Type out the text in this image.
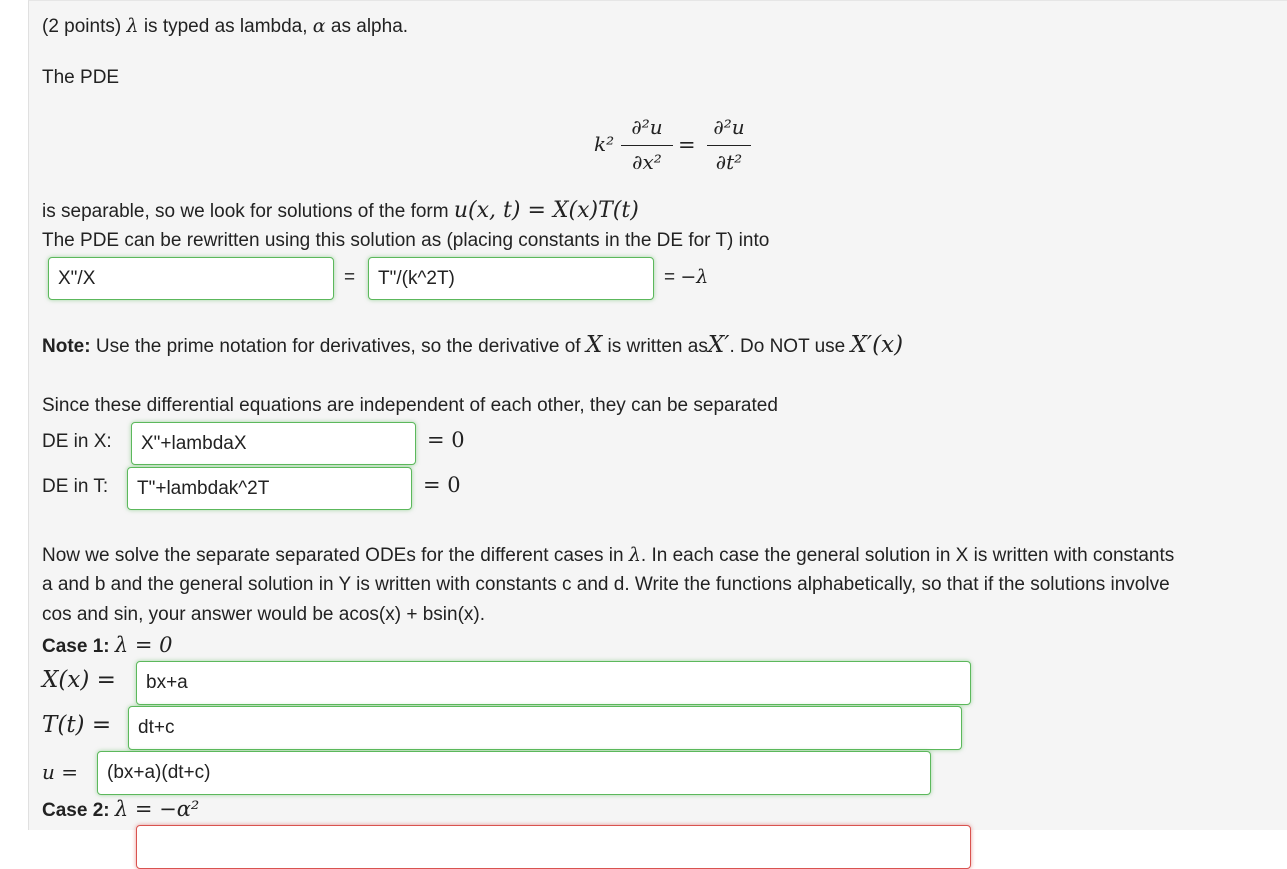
(2 points) λ is typed as lambda, α as alpha.
The PDE
k²
∂²u
∂x²
=
∂²u
∂t²
is separable, so we look for solutions of the form u(x, t) = X(x)T(t)
The PDE can be rewritten using this solution as (placing constants in the DE for T) into
X"/X	=	T"/(k^2T)	= −λ
Note: Use the prime notation for derivatives, so the derivative of X is written asX′. Do NOT use X′(x)
Since these differential equations are independent of each other, they can be separated
DE in X:	X"+lambdaX	= 0
DE in T:	T"+lambdak^2T	= 0
Now we solve the separate separated ODEs for the different cases in λ. In each case the general solution in X is written with constants
a and b and the general solution in Y is written with constants c and d. Write the functions alphabetically, so that if the solutions involve
cos and sin, your answer would be acos(x) + bsin(x).
Case 1: λ = 0
X(x) =	bx+a
T(t) =	dt+c
u =	(bx+a)(dt+c)
Case 2: λ = −α²
